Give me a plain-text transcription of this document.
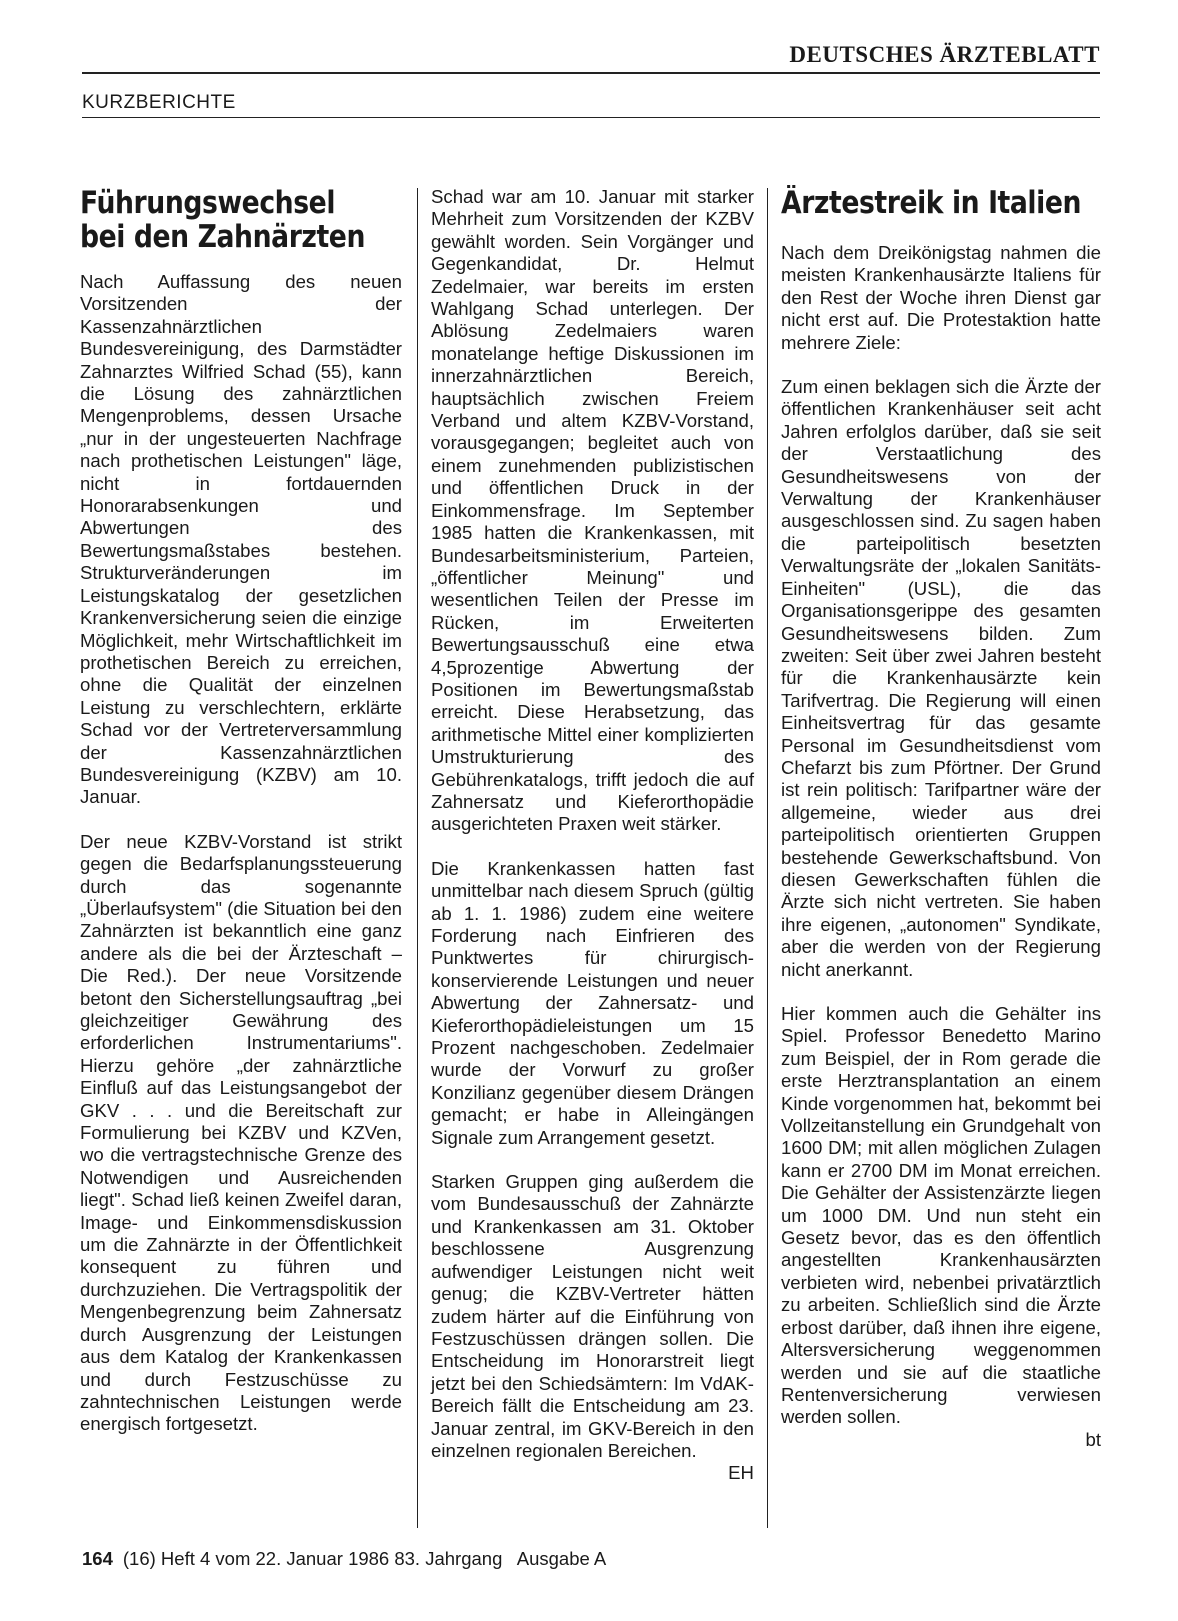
DEUTSCHES ÄRZTEBLATT
KURZBERICHTE
Führungswechsel
bei den Zahnärzten

Nach Auffassung des neuen Vorsitzenden der Kassenzahnärztlichen Bundesvereinigung, des Darmstädter Zahnarztes Wilfried Schad (55), kann die Lösung des zahnärztlichen Mengenproblems, dessen Ursache „nur in der ungesteuerten Nachfrage nach prothetischen Leistungen" läge, nicht in fortdauernden Honorarabsenkungen und Abwertungen des Bewertungsmaßstabes bestehen. Strukturveränderungen im Leistungskatalog der gesetzlichen Krankenversicherung seien die einzige Möglichkeit, mehr Wirtschaftlichkeit im prothetischen Bereich zu erreichen, ohne die Qualität der einzelnen Leistung zu verschlechtern, erklärte Schad vor der Vertreterversammlung der Kassenzahnärztlichen Bundesvereinigung (KZBV) am 10. Januar.

Der neue KZBV-Vorstand ist strikt gegen die Bedarfsplanungssteuerung durch das sogenannte „Überlaufsystem" (die Situation bei den Zahnärzten ist bekanntlich eine ganz andere als die bei der Ärzteschaft – Die Red.). Der neue Vorsitzende betont den Sicherstellungsauftrag „bei gleichzeitiger Gewährung des erforderlichen Instrumentariums". Hierzu gehöre „der zahnärztliche Einfluß auf das Leistungsangebot der GKV . . . und die Bereitschaft zur Formulierung bei KZBV und KZVen, wo die vertragstechnische Grenze des Notwendigen und Ausreichenden liegt". Schad ließ keinen Zweifel daran, Image- und Einkommensdiskussion um die Zahnärzte in der Öffentlichkeit konsequent zu führen und durchzuziehen. Die Vertragspolitik der Mengenbegrenzung beim Zahnersatz durch Ausgrenzung der Leistungen aus dem Katalog der Krankenkassen und durch Festzuschüsse zu zahntechnischen Leistungen werde energisch fortgesetzt.

Schad war am 10. Januar mit starker Mehrheit zum Vorsitzenden der KZBV gewählt worden. Sein Vorgänger und Gegenkandidat, Dr. Helmut Zedelmaier, war bereits im ersten Wahlgang Schad unterlegen. Der Ablösung Zedelmaiers waren monatelange heftige Diskussionen im innerzahnärztlichen Bereich, hauptsächlich zwischen Freiem Verband und altem KZBV-Vorstand, vorausgegangen; begleitet auch von einem zunehmenden publizistischen und öffentlichen Druck in der Einkommensfrage. Im September 1985 hatten die Krankenkassen, mit Bundesarbeitsministerium, Parteien, „öffentlicher Meinung" und wesentlichen Teilen der Presse im Rücken, im Erweiterten Bewertungsausschuß eine etwa 4,5prozentige Abwertung der Positionen im Bewertungsmaßstab erreicht. Diese Herabsetzung, das arithmetische Mittel einer komplizierten Umstrukturierung des Gebührenkatalogs, trifft jedoch die auf Zahnersatz und Kieferorthopädie ausgerichteten Praxen weit stärker.

Die Krankenkassen hatten fast unmittelbar nach diesem Spruch (gültig ab 1. 1. 1986) zudem eine weitere Forderung nach Einfrieren des Punktwertes für chirurgisch-konservierende Leistungen und neuer Abwertung der Zahnersatz- und Kieferorthopädieleistungen um 15 Prozent nachgeschoben. Zedelmaier wurde der Vorwurf zu großer Konzilianz gegenüber diesem Drängen gemacht; er habe in Alleingängen Signale zum Arrangement gesetzt.

Starken Gruppen ging außerdem die vom Bundesausschuß der Zahnärzte und Krankenkassen am 31. Oktober beschlossene Ausgrenzung aufwendiger Leistungen nicht weit genug; die KZBV-Vertreter hätten zudem härter auf die Einführung von Festzuschüssen drängen sollen. Die Entscheidung im Honorarstreit liegt jetzt bei den Schiedsämtern: Im VdAK-Bereich fällt die Entscheidung am 23. Januar zentral, im GKV-Bereich in den einzelnen regionalen Bereichen.

EH
Ärztestreik in Italien

Nach dem Dreikönigstag nahmen die meisten Krankenhausärzte Italiens für den Rest der Woche ihren Dienst gar nicht erst auf. Die Protestaktion hatte mehrere Ziele:

Zum einen beklagen sich die Ärzte der öffentlichen Krankenhäuser seit acht Jahren erfolglos darüber, daß sie seit der Verstaatlichung des Gesundheitswesens von der Verwaltung der Krankenhäuser ausgeschlossen sind. Zu sagen haben die parteipolitisch besetzten Verwaltungsräte der „lokalen Sanitäts-Einheiten" (USL), die das Organisationsgerippe des gesamten Gesundheitswesens bilden. Zum zweiten: Seit über zwei Jahren besteht für die Krankenhausärzte kein Tarifvertrag. Die Regierung will einen Einheitsvertrag für das gesamte Personal im Gesundheitsdienst vom Chefarzt bis zum Pförtner. Der Grund ist rein politisch: Tarifpartner wäre der allgemeine, wieder aus drei parteipolitisch orientierten Gruppen bestehende Gewerkschaftsbund. Von diesen Gewerkschaften fühlen die Ärzte sich nicht vertreten. Sie haben ihre eigenen, „autonomen" Syndikate, aber die werden von der Regierung nicht anerkannt.

Hier kommen auch die Gehälter ins Spiel. Professor Benedetto Marino zum Beispiel, der in Rom gerade die erste Herztransplantation an einem Kinde vorgenommen hat, bekommt bei Vollzeitanstellung ein Grundgehalt von 1600 DM; mit allen möglichen Zulagen kann er 2700 DM im Monat erreichen. Die Gehälter der Assistenzärzte liegen um 1000 DM. Und nun steht ein Gesetz bevor, das es den öffentlich angestellten Krankenhausärzten verbieten wird, nebenbei privatärztlich zu arbeiten. Schließlich sind die Ärzte erbost darüber, daß ihnen ihre eigene, Altersversicherung weggenommen werden und sie auf die staatliche Rentenversicherung verwiesen werden sollen.

bt
164 (16) Heft 4 vom 22. Januar 1986 83. Jahrgang   Ausgabe A
